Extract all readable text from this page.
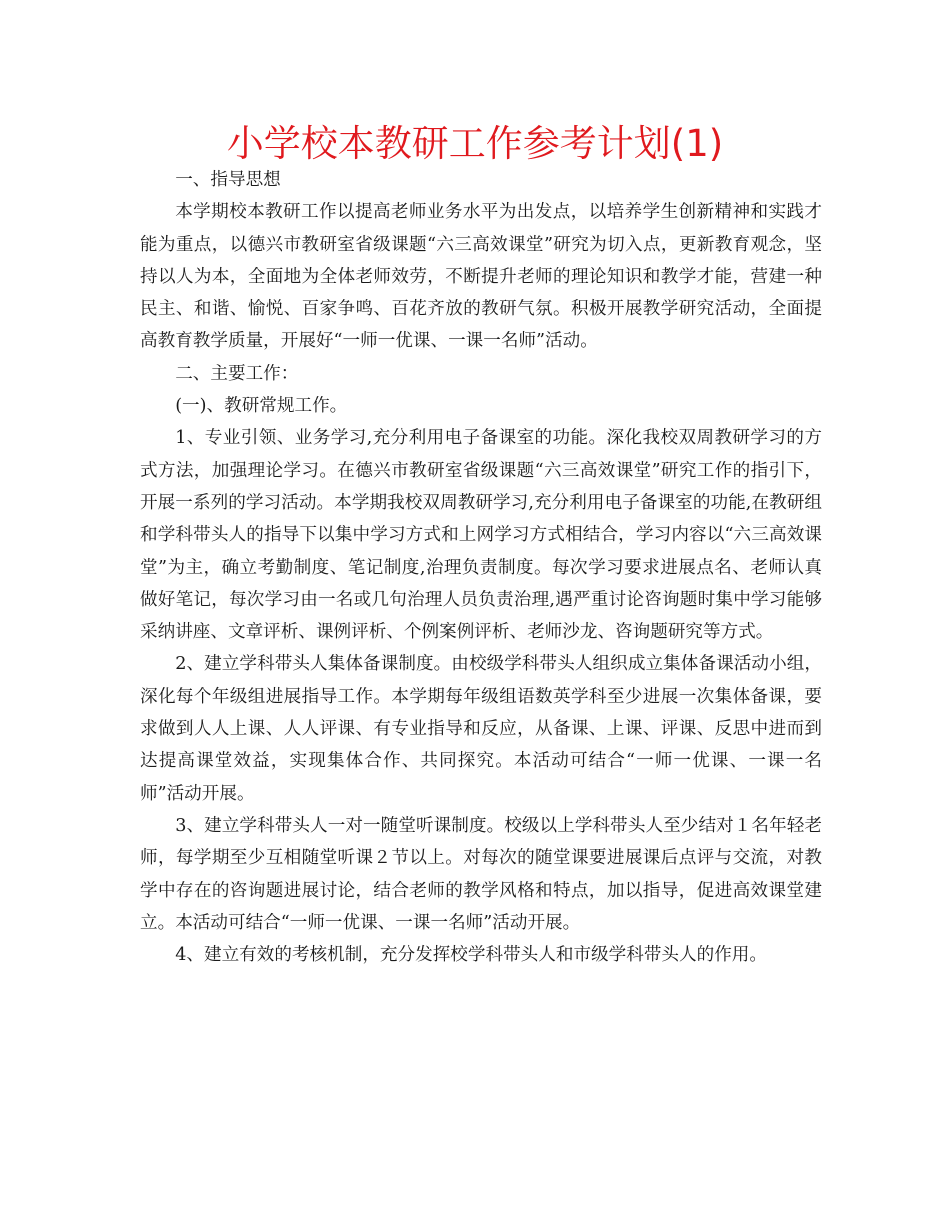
小学校本教研工作参考计划(1)

一、指导思想

本学期校本教研工作以提高老师业务水平为出发点，以培养学生创新精神和实践才能为重点，以德兴市教研室省级课题“六三高效课堂”研究为切入点，更新教育观念，坚持以人为本，全面地为全体老师效劳，不断提升老师的理论知识和教学才能，营建一种民主、和谐、愉悦、百家争鸣、百花齐放的教研气氛。积极开展教学研究活动，全面提高教育教学质量，开展好“一师一优课、一课一名师”活动。

二、主要工作：

(一)、教研常规工作。

1、专业引领、业务学习,充分利用电子备课室的功能。深化我校双周教研学习的方式方法，加强理论学习。在德兴市教研室省级课题“六三高效课堂”研究工作的指引下，开展一系列的学习活动。本学期我校双周教研学习,充分利用电子备课室的功能,在教研组和学科带头人的指导下以集中学习方式和上网学习方式相结合，学习内容以“六三高效课堂”为主，确立考勤制度、笔记制度,治理负责制度。每次学习要求进展点名、老师认真做好笔记，每次学习由一名或几句治理人员负责治理,遇严重讨论咨询题时集中学习能够采纳讲座、文章评析、课例评析、个例案例评析、老师沙龙、咨询题研究等方式。

2、建立学科带头人集体备课制度。由校级学科带头人组织成立集体备课活动小组，深化每个年级组进展指导工作。本学期每年级组语数英学科至少进展一次集体备课，要求做到人人上课、人人评课、有专业指导和反应，从备课、上课、评课、反思中进而到达提高课堂效益，实现集体合作、共同探究。本活动可结合“一师一优课、一课一名师”活动开展。

3、建立学科带头人一对一随堂听课制度。校级以上学科带头人至少结对１名年轻老师，每学期至少互相随堂听课２节以上。对每次的随堂课要进展课后点评与交流，对教学中存在的咨询题进展讨论，结合老师的教学风格和特点，加以指导，促进高效课堂建立。本活动可结合“一师一优课、一课一名师”活动开展。

4、建立有效的考核机制，充分发挥校学科带头人和市级学科带头人的作用。
